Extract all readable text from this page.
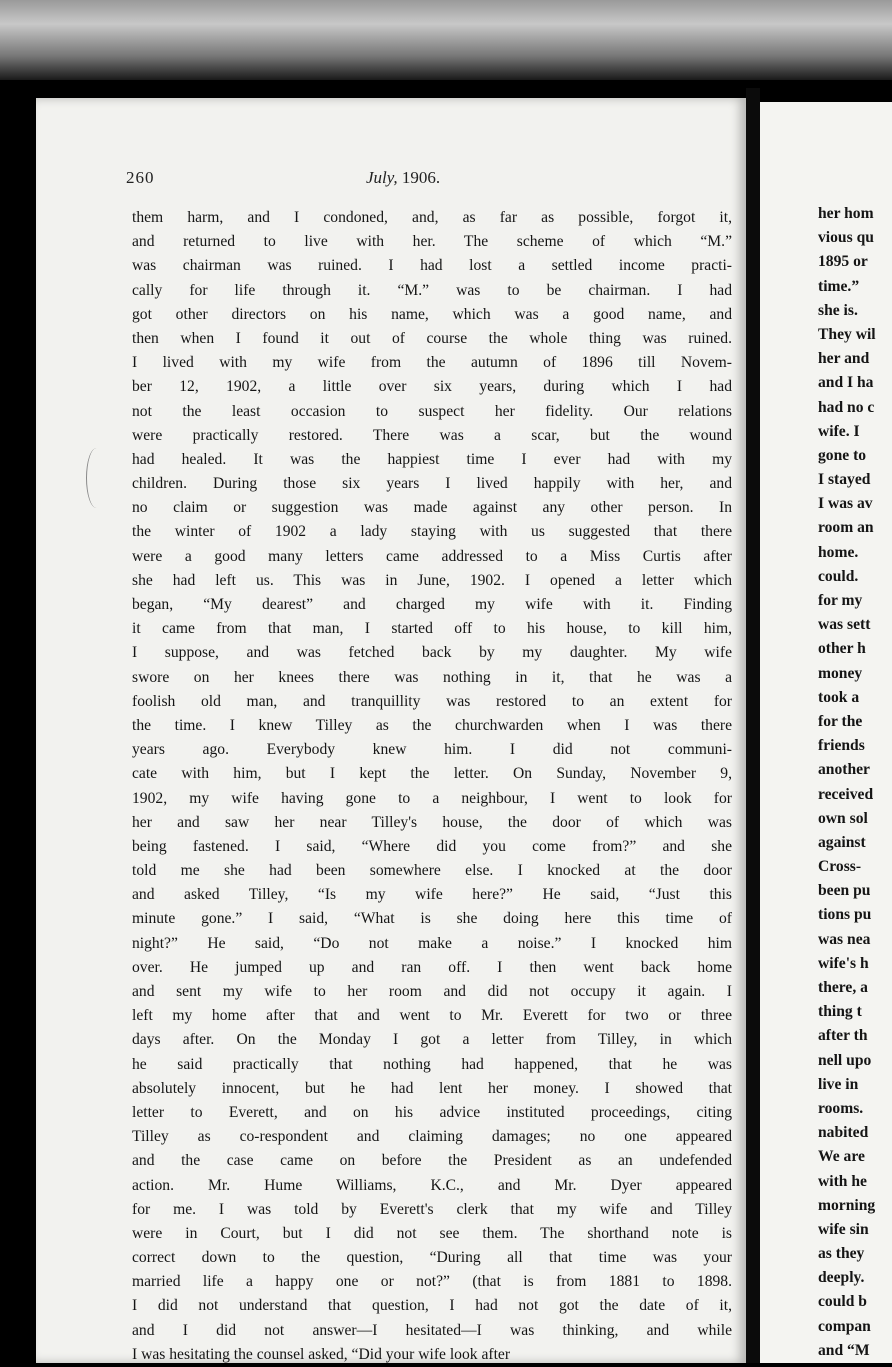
260	July, 1906.
them harm, and I condoned, and, as far as possible, forgot it,
and returned to live with her. The scheme of which “M.”
was chairman was ruined. I had lost a settled income practi-
cally for life through it. “M.” was to be chairman. I had
got other directors on his name, which was a good name, and
then when I found it out of course the whole thing was ruined.
I lived with my wife from the autumn of 1896 till Novem-
ber 12, 1902, a little over six years, during which I had
not the least occasion to suspect her fidelity. Our relations
were practically restored. There was a scar, but the wound
had healed. It was the happiest time I ever had with my
children. During those six years I lived happily with her, and
no claim or suggestion was made against any other person. In
the winter of 1902 a lady staying with us suggested that there
were a good many letters came addressed to a Miss Curtis after
she had left us. This was in June, 1902. I opened a letter which
began, “My dearest” and charged my wife with it. Finding
it came from that man, I started off to his house, to kill him,
I suppose, and was fetched back by my daughter. My wife
swore on her knees there was nothing in it, that he was a
foolish old man, and tranquillity was restored to an extent for
the time. I knew Tilley as the churchwarden when I was there
years ago. Everybody knew him. I did not communi-
cate with him, but I kept the letter. On Sunday, November 9,
1902, my wife having gone to a neighbour, I went to look for
her and saw her near Tilley's house, the door of which was
being fastened. I said, “Where did you come from?” and she
told me she had been somewhere else. I knocked at the door
and asked Tilley, “Is my wife here?” He said, “Just this
minute gone.” I said, “What is she doing here this time of
night?” He said, “Do not make a noise.” I knocked him
over. He jumped up and ran off. I then went back home
and sent my wife to her room and did not occupy it again. I
left my home after that and went to Mr. Everett for two or three
days after. On the Monday I got a letter from Tilley, in which
he said practically that nothing had happened, that he was
absolutely innocent, but he had lent her money. I showed that
letter to Everett, and on his advice instituted proceedings, citing
Tilley as co-respondent and claiming damages; no one appeared
and the case came on before the President as an undefended
action. Mr. Hume Williams, K.C., and Mr. Dyer appeared
for me. I was told by Everett's clerk that my wife and Tilley
were in Court, but I did not see them. The shorthand note is
correct down to the question, “During all that time was your
married life a happy one or not?” (that is from 1881 to 1898.
I did not understand that question, I had not got the date of it,
and I did not answer—I hesitated—I was thinking, and while
I was hesitating the counsel asked, “Did your wife look after
her hom
vious qu
1895 or
time.”
she is.
They wil
her and
and I ha
had no c
wife. I
gone to
I stayed
I was av
room an
home.
could.
for my
was sett
other h
money
took a
for the
friends
another
received
own sol
against
Cross-
been pu
tions pu
was nea
wife's h
there, a
thing t
after th
nell upo
live in
rooms.
nabited
We are
with he
morning
wife sin
as they
deeply.
could b
compan
and “M
